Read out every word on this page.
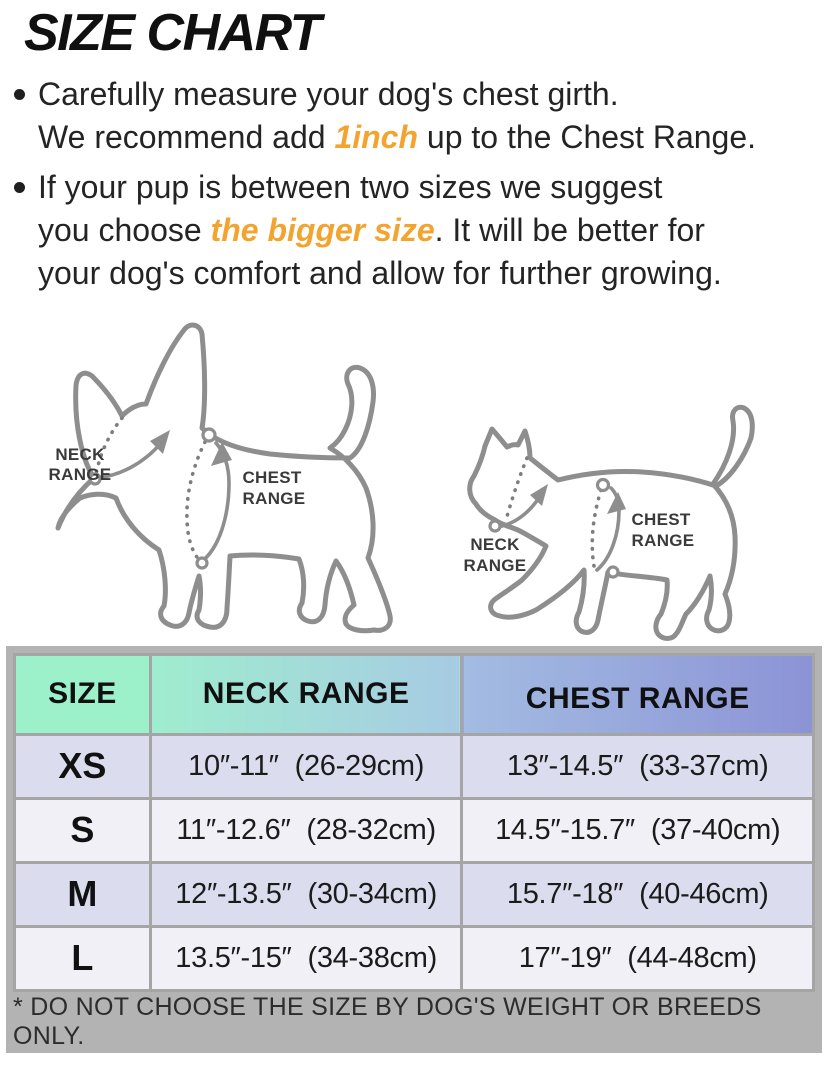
SIZE CHART
Carefully measure your dog's chest girth.
We recommend add 1inch up to the Chest Range.
If your pup is between two sizes we suggest
you choose the bigger size. It will be better for
your dog's comfort and allow for further growing.
NECK
RANGE	CHEST
RANGE
NECK
RANGE
CHEST
RANGE
SIZE	NECK RANGE	CHEST RANGE
XS	10″-11″ (26-29cm)	13″-14.5″ (33-37cm)

S	11″-12.6″ (28-32cm)	14.5″-15.7″ (37-40cm)

M	12″-13.5″ (30-34cm)	15.7″-18″ (40-46cm)

L	13.5″-15″ (34-38cm)	17″-19″ (44-48cm)
* DO NOT CHOOSE THE SIZE BY DOG'S WEIGHT OR BREEDS ONLY.
